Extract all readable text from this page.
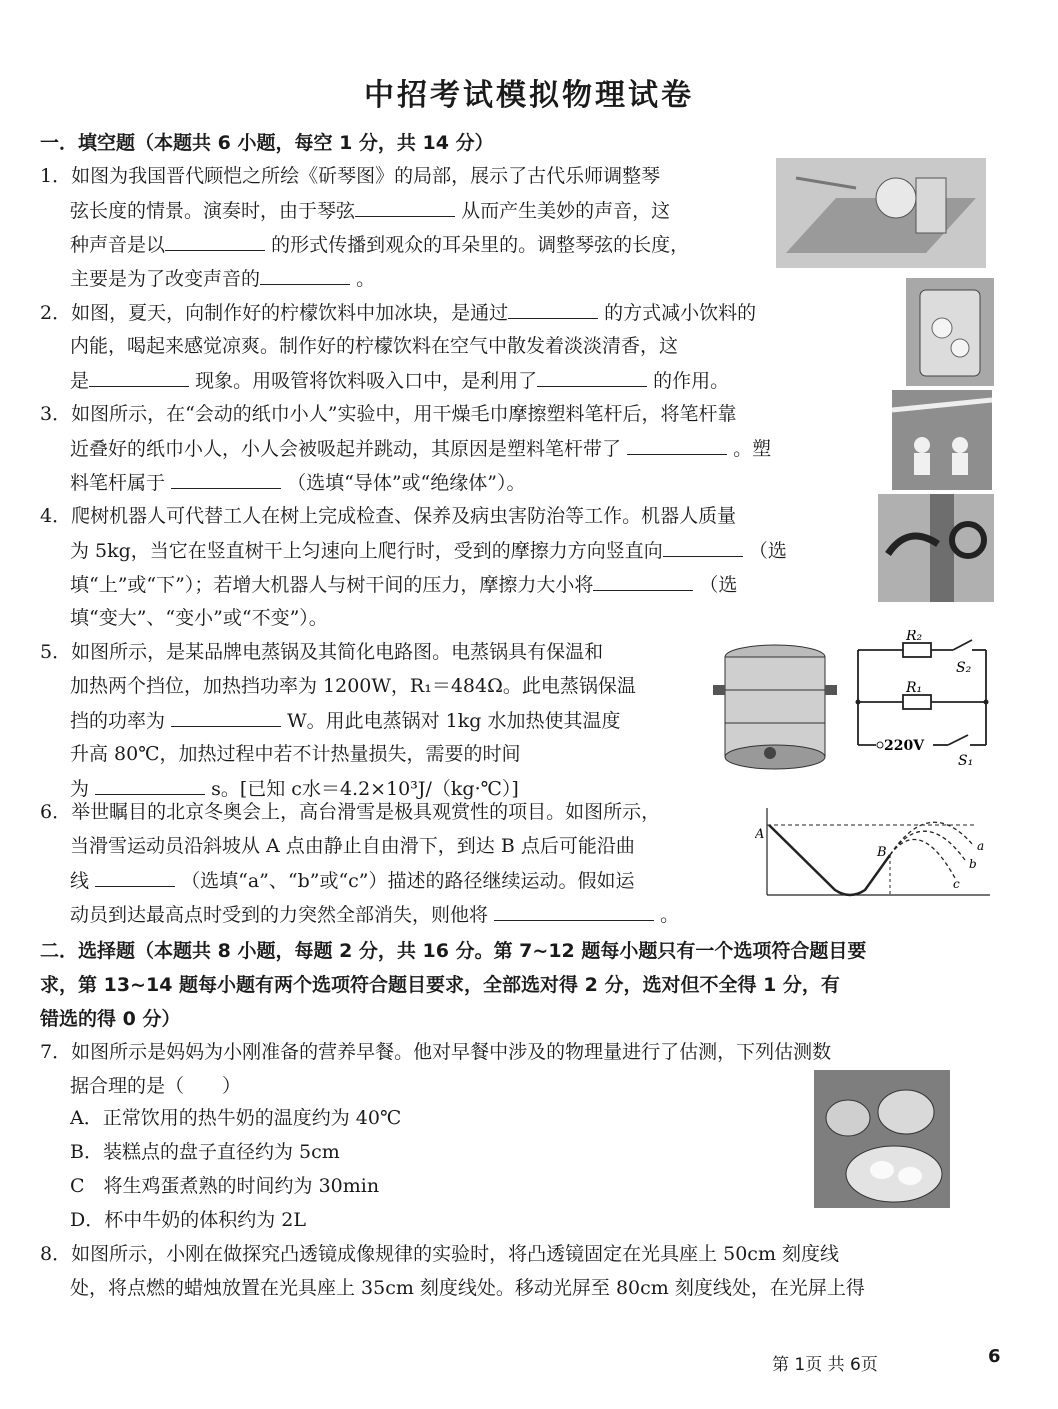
中招考试模拟物理试卷
一．填空题（本题共 6 小题，每空 1 分，共 14 分）
1．如图为我国晋代顾恺之所绘《斫琴图》的局部，展示了古代乐师调整琴
弦长度的情景。演奏时，由于琴弦	从而产生美妙的声音，这
种声音是以	的形式传播到观众的耳朵里的。调整琴弦的长度，
主要是为了改变声音的	。
2．如图，夏天，向制作好的柠檬饮料中加冰块，是通过	的方式减小饮料的
内能，喝起来感觉凉爽。制作好的柠檬饮料在空气中散发着淡淡清香，这
是	现象。用吸管将饮料吸入口中，是利用了	的作用。
3．如图所示，在“会动的纸巾小人”实验中，用干燥毛巾摩擦塑料笔杆后，将笔杆靠
近叠好的纸巾小人，小人会被吸起并跳动，其原因是塑料笔杆带了	。塑
料笔杆属于	（选填“导体”或“绝缘体”）。
4．爬树机器人可代替工人在树上完成检查、保养及病虫害防治等工作。机器人质量
为 5kg，当它在竖直树干上匀速向上爬行时，受到的摩擦力方向竖直向	（选
填“上”或“下”）；若增大机器人与树干间的压力，摩擦力大小将	（选
填“变大”、“变小”或“不变”）。
5．如图所示，是某品牌电蒸锅及其简化电路图。电蒸锅具有保温和
加热两个挡位，加热挡功率为 1200W，R₁＝484Ω。此电蒸锅保温
挡的功率为	W。用此电蒸锅对 1kg 水加热使其温度
升高 80℃，加热过程中若不计热量损失，需要的时间
为	s。[已知 c水＝4.2×10³J/（kg·℃）]
R₂
R₁
S₂
S₁
220V
6．举世瞩目的北京冬奥会上，高台滑雪是极具观赏性的项目。如图所示，
当滑雪运动员沿斜坡从 A 点由静止自由滑下，到达 B 点后可能沿曲
线	（选填“a”、“b”或“c”）描述的路径继续运动。假如运
动员到达最高点时受到的力突然全部消失，则他将	。
A
B	a
b
c
二．选择题（本题共 8 小题，每题 2 分，共 16 分。第 7~12 题每小题只有一个选项符合题目要
求，第 13~14 题每小题有两个选项符合题目要求，全部选对得 2 分，选对但不全得 1 分，有
错选的得 0 分）
7．如图所示是妈妈为小刚准备的营养早餐。他对早餐中涉及的物理量进行了估测，下列估测数
据合理的是（　　）
A．正常饮用的热牛奶的温度约为 40℃
B．装糕点的盘子直径约为 5cm
C　将生鸡蛋煮熟的时间约为 30min
D．杯中牛奶的体积约为 2L
8．如图所示，小刚在做探究凸透镜成像规律的实验时，将凸透镜固定在光具座上 50cm 刻度线
处，将点燃的蜡烛放置在光具座上 35cm 刻度线处。移动光屏至 80cm 刻度线处，在光屏上得
第 1页 共 6页	6
